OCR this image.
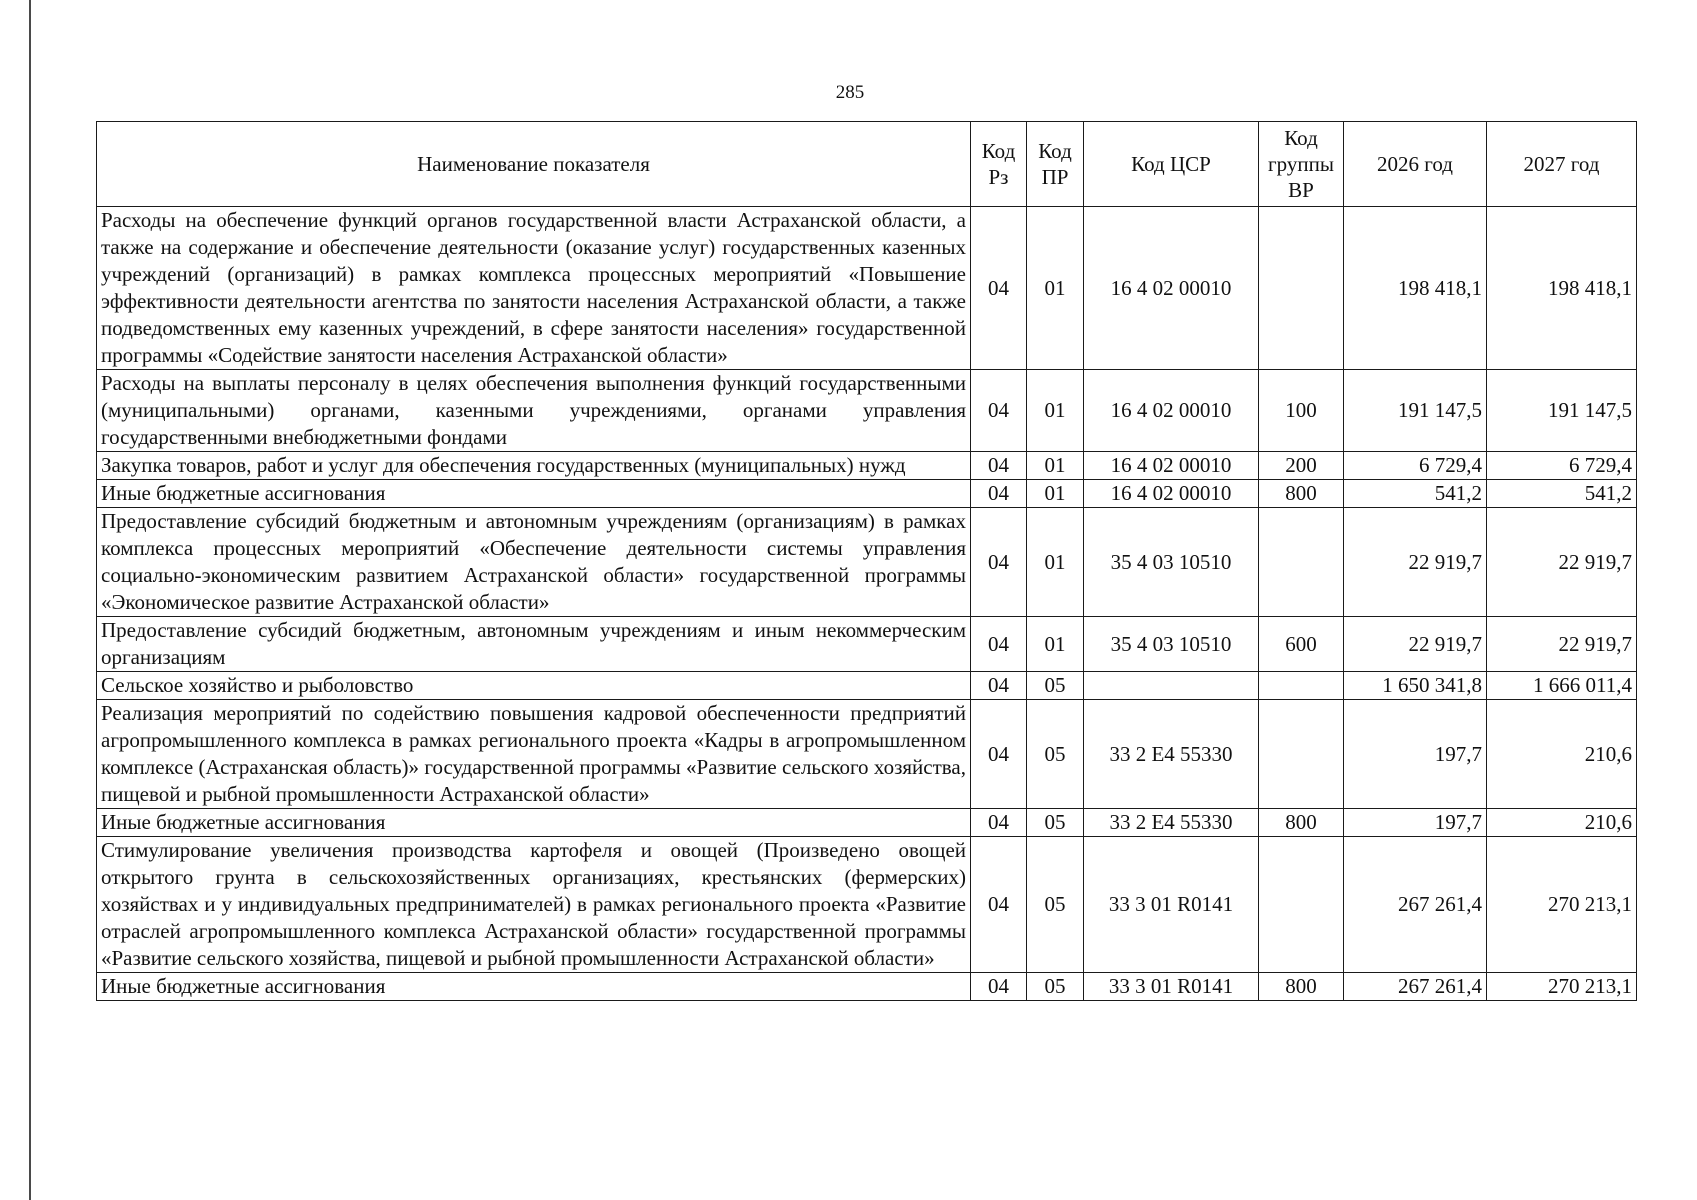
285
Наименование показателя	Код Рз	Код ПР	Код ЦСР	Код группы ВР	2026 год	2027 год
Расходы на обеспечение функций органов государственной власти Астраханской области, а также на содержание и обеспечение деятельности (оказание услуг) государственных казенных учреждений (организаций) в рамках комплекса процессных мероприятий «Повышение эффективности деятельности агентства по занятости населения Астраханской области, а также подведомственных ему казенных учреждений, в сфере занятости населения» государственной программы «Содействие занятости населения Астраханской области»	04	01	16 4 02 00010		198 418,1	198 418,1
Расходы на выплаты персоналу в целях обеспечения выполнения функций государственными (муниципальными) органами, казенными учреждениями, органами управления государственными внебюджетными фондами	04	01	16 4 02 00010	100	191 147,5	191 147,5
Закупка товаров, работ и услуг для обеспечения государственных (муниципальных) нужд	04	01	16 4 02 00010	200	6 729,4	6 729,4
Иные бюджетные ассигнования	04	01	16 4 02 00010	800	541,2	541,2
Предоставление субсидий бюджетным и автономным учреждениям (организациям) в рамках комплекса процессных мероприятий «Обеспечение деятельности системы управления социально-экономическим развитием Астраханской области» государственной программы «Экономическое развитие Астраханской области»	04	01	35 4 03 10510		22 919,7	22 919,7
Предоставление субсидий бюджетным, автономным учреждениям и иным некоммерческим организациям	04	01	35 4 03 10510	600	22 919,7	22 919,7
Сельское хозяйство и рыболовство	04	05			1 650 341,8	1 666 011,4
Реализация мероприятий по содействию повышения кадровой обеспеченности предприятий агропромышленного комплекса в рамках регионального проекта «Кадры в агропромышленном комплексе (Астраханская область)» государственной программы «Развитие сельского хозяйства, пищевой и рыбной промышленности Астраханской области»	04	05	33 2 Е4 55330		197,7	210,6
Иные бюджетные ассигнования	04	05	33 2 Е4 55330	800	197,7	210,6
Стимулирование увеличения производства картофеля и овощей (Произведено овощей открытого грунта в сельскохозяйственных организациях, крестьянских (фермерских) хозяйствах и у индивидуальных предпринимателей) в рамках регионального проекта «Развитие отраслей агропромышленного комплекса Астраханской области» государственной программы «Развитие сельского хозяйства, пищевой и рыбной промышленности Астраханской области»	04	05	33 3 01 R0141		267 261,4	270 213,1
Иные бюджетные ассигнования	04	05	33 3 01 R0141	800	267 261,4	270 213,1
